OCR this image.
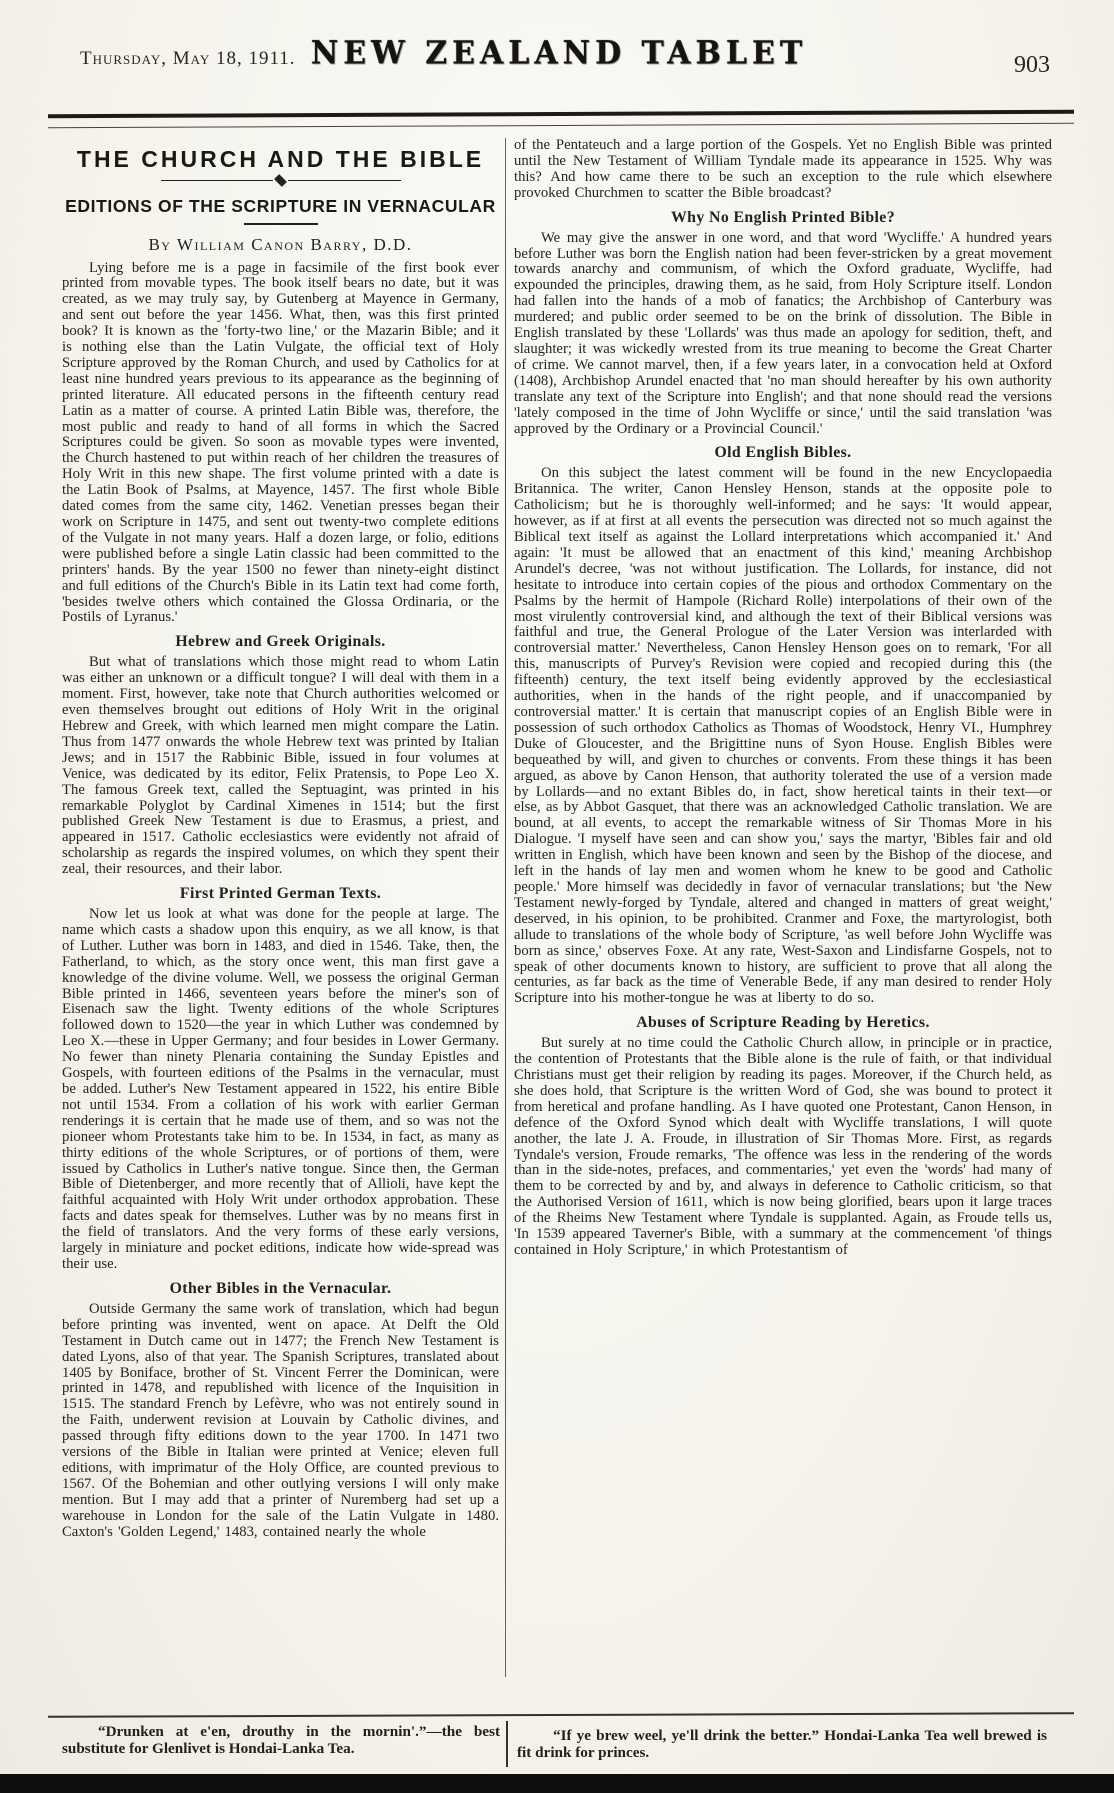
Thursday, May 18, 1911. NEW ZEALAND TABLET	903
THE CHURCH AND THE BIBLE
EDITIONS OF THE SCRIPTURE IN VERNACULAR
By William Canon Barry, D.D.

Lying before me is a page in facsimile of the first book ever printed from movable types. The book itself bears no date, but it was created, as we may truly say, by Gutenberg at Mayence in Germany, and sent out before the year 1456. What, then, was this first printed book? It is known as the 'forty-two line,' or the Mazarin Bible; and it is nothing else than the Latin Vulgate, the official text of Holy Scripture approved by the Roman Church, and used by Catholics for at least nine hundred years previous to its appearance as the beginning of printed literature. All educated persons in the fifteenth century read Latin as a matter of course. A printed Latin Bible was, therefore, the most public and ready to hand of all forms in which the Sacred Scriptures could be given. So soon as movable types were invented, the Church hastened to put within reach of her children the treasures of Holy Writ in this new shape. The first volume printed with a date is the Latin Book of Psalms, at Mayence, 1457. The first whole Bible dated comes from the same city, 1462. Venetian presses began their work on Scripture in 1475, and sent out twenty-two complete editions of the Vulgate in not many years. Half a dozen large, or folio, editions were published before a single Latin classic had been committed to the printers' hands. By the year 1500 no fewer than ninety-eight distinct and full editions of the Church's Bible in its Latin text had come forth, 'besides twelve others which contained the Glossa Ordinaria, or the Postils of Lyranus.'

Hebrew and Greek Originals.

But what of translations which those might read to whom Latin was either an unknown or a difficult tongue? I will deal with them in a moment. First, however, take note that Church authorities welcomed or even themselves brought out editions of Holy Writ in the original Hebrew and Greek, with which learned men might compare the Latin. Thus from 1477 onwards the whole Hebrew text was printed by Italian Jews; and in 1517 the Rabbinic Bible, issued in four volumes at Venice, was dedicated by its editor, Felix Pratensis, to Pope Leo X. The famous Greek text, called the Septuagint, was printed in his remarkable Polyglot by Cardinal Ximenes in 1514; but the first published Greek New Testament is due to Erasmus, a priest, and appeared in 1517. Catholic ecclesiastics were evidently not afraid of scholarship as regards the inspired volumes, on which they spent their zeal, their resources, and their labor.

First Printed German Texts.

Now let us look at what was done for the people at large. The name which casts a shadow upon this enquiry, as we all know, is that of Luther. Luther was born in 1483, and died in 1546. Take, then, the Fatherland, to which, as the story once went, this man first gave a knowledge of the divine volume. Well, we possess the original German Bible printed in 1466, seventeen years before the miner's son of Eisenach saw the light. Twenty editions of the whole Scriptures followed down to 1520—the year in which Luther was condemned by Leo X.—these in Upper Germany; and four besides in Lower Germany. No fewer than ninety Plenaria containing the Sunday Epistles and Gospels, with fourteen editions of the Psalms in the vernacular, must be added. Luther's New Testament appeared in 1522, his entire Bible not until 1534. From a collation of his work with earlier German renderings it is certain that he made use of them, and so was not the pioneer whom Protestants take him to be. In 1534, in fact, as many as thirty editions of the whole Scriptures, or of portions of them, were issued by Catholics in Luther's native tongue. Since then, the German Bible of Dietenberger, and more recently that of Allioli, have kept the faithful acquainted with Holy Writ under orthodox approbation. These facts and dates speak for themselves. Luther was by no means first in the field of translators. And the very forms of these early versions, largely in miniature and pocket editions, indicate how wide-spread was their use.

Other Bibles in the Vernacular.

Outside Germany the same work of translation, which had begun before printing was invented, went on apace. At Delft the Old Testament in Dutch came out in 1477; the French New Testament is dated Lyons, also of that year. The Spanish Scriptures, translated about 1405 by Boniface, brother of St. Vincent Ferrer the Dominican, were printed in 1478, and republished with licence of the Inquisition in 1515. The standard French by Lefèvre, who was not entirely sound in the Faith, underwent revision at Louvain by Catholic divines, and passed through fifty editions down to the year 1700. In 1471 two versions of the Bible in Italian were printed at Venice; eleven full editions, with imprimatur of the Holy Office, are counted previous to 1567. Of the Bohemian and other outlying versions I will only make mention. But I may add that a printer of Nuremberg had set up a warehouse in London for the sale of the Latin Vulgate in 1480. Caxton's 'Golden Legend,' 1483, contained nearly the whole

of the Pentateuch and a large portion of the Gospels. Yet no English Bible was printed until the New Testament of William Tyndale made its appearance in 1525. Why was this? And how came there to be such an exception to the rule which elsewhere provoked Churchmen to scatter the Bible broadcast?

Why No English Printed Bible?

We may give the answer in one word, and that word 'Wycliffe.' A hundred years before Luther was born the English nation had been fever-stricken by a great movement towards anarchy and communism, of which the Oxford graduate, Wycliffe, had expounded the principles, drawing them, as he said, from Holy Scripture itself. London had fallen into the hands of a mob of fanatics; the Archbishop of Canterbury was murdered; and public order seemed to be on the brink of dissolution. The Bible in English translated by these 'Lollards' was thus made an apology for sedition, theft, and slaughter; it was wickedly wrested from its true meaning to become the Great Charter of crime. We cannot marvel, then, if a few years later, in a convocation held at Oxford (1408), Archbishop Arundel enacted that 'no man should hereafter by his own authority translate any text of the Scripture into English'; and that none should read the versions 'lately composed in the time of John Wycliffe or since,' until the said translation 'was approved by the Ordinary or a Provincial Council.'

Old English Bibles.

On this subject the latest comment will be found in the new Encyclopaedia Britannica. The writer, Canon Hensley Henson, stands at the opposite pole to Catholicism; but he is thoroughly well-informed; and he says: 'It would appear, however, as if at first at all events the persecution was directed not so much against the Biblical text itself as against the Lollard interpretations which accompanied it.' And again: 'It must be allowed that an enactment of this kind,' meaning Archbishop Arundel's decree, 'was not without justification. The Lollards, for instance, did not hesitate to introduce into certain copies of the pious and orthodox Commentary on the Psalms by the hermit of Hampole (Richard Rolle) interpolations of their own of the most virulently controversial kind, and although the text of their Biblical versions was faithful and true, the General Prologue of the Later Version was interlarded with controversial matter.' Nevertheless, Canon Hensley Henson goes on to remark, 'For all this, manuscripts of Purvey's Revision were copied and recopied during this (the fifteenth) century, the text itself being evidently approved by the ecclesiastical authorities, when in the hands of the right people, and if unaccompanied by controversial matter.' It is certain that manuscript copies of an English Bible were in possession of such orthodox Catholics as Thomas of Woodstock, Henry VI., Humphrey Duke of Gloucester, and the Brigittine nuns of Syon House. English Bibles were bequeathed by will, and given to churches or convents. From these things it has been argued, as above by Canon Henson, that authority tolerated the use of a version made by Lollards—and no extant Bibles do, in fact, show heretical taints in their text—or else, as by Abbot Gasquet, that there was an acknowledged Catholic translation. We are bound, at all events, to accept the remarkable witness of Sir Thomas More in his Dialogue. 'I myself have seen and can show you,' says the martyr, 'Bibles fair and old written in English, which have been known and seen by the Bishop of the diocese, and left in the hands of lay men and women whom he knew to be good and Catholic people.' More himself was decidedly in favor of vernacular translations; but 'the New Testament newly-forged by Tyndale, altered and changed in matters of great weight,' deserved, in his opinion, to be prohibited. Cranmer and Foxe, the martyrologist, both allude to translations of the whole body of Scripture, 'as well before John Wycliffe was born as since,' observes Foxe. At any rate, West-Saxon and Lindisfarne Gospels, not to speak of other documents known to history, are sufficient to prove that all along the centuries, as far back as the time of Venerable Bede, if any man desired to render Holy Scripture into his mother-tongue he was at liberty to do so.

Abuses of Scripture Reading by Heretics.

But surely at no time could the Catholic Church allow, in principle or in practice, the contention of Protestants that the Bible alone is the rule of faith, or that individual Christians must get their religion by reading its pages. Moreover, if the Church held, as she does hold, that Scripture is the written Word of God, she was bound to protect it from heretical and profane handling. As I have quoted one Protestant, Canon Henson, in defence of the Oxford Synod which dealt with Wycliffe translations, I will quote another, the late J. A. Froude, in illustration of Sir Thomas More. First, as regards Tyndale's version, Froude remarks, 'The offence was less in the rendering of the words than in the side-notes, prefaces, and commentaries,' yet even the 'words' had many of them to be corrected by and by, and always in deference to Catholic criticism, so that the Authorised Version of 1611, which is now being glorified, bears upon it large traces of the Rheims New Testament where Tyndale is supplanted. Again, as Froude tells us, 'In 1539 appeared Taverner's Bible, with a summary at the commencement 'of things contained in Holy Scripture,' in which Protestantism of

“Drunken at e'en, drouthy in the mornin'.”—the best substitute for Glenlivet is Hondai-Lanka Tea.
“If ye brew weel, ye'll drink the better.” Hondai-Lanka Tea well brewed is fit drink for princes.
